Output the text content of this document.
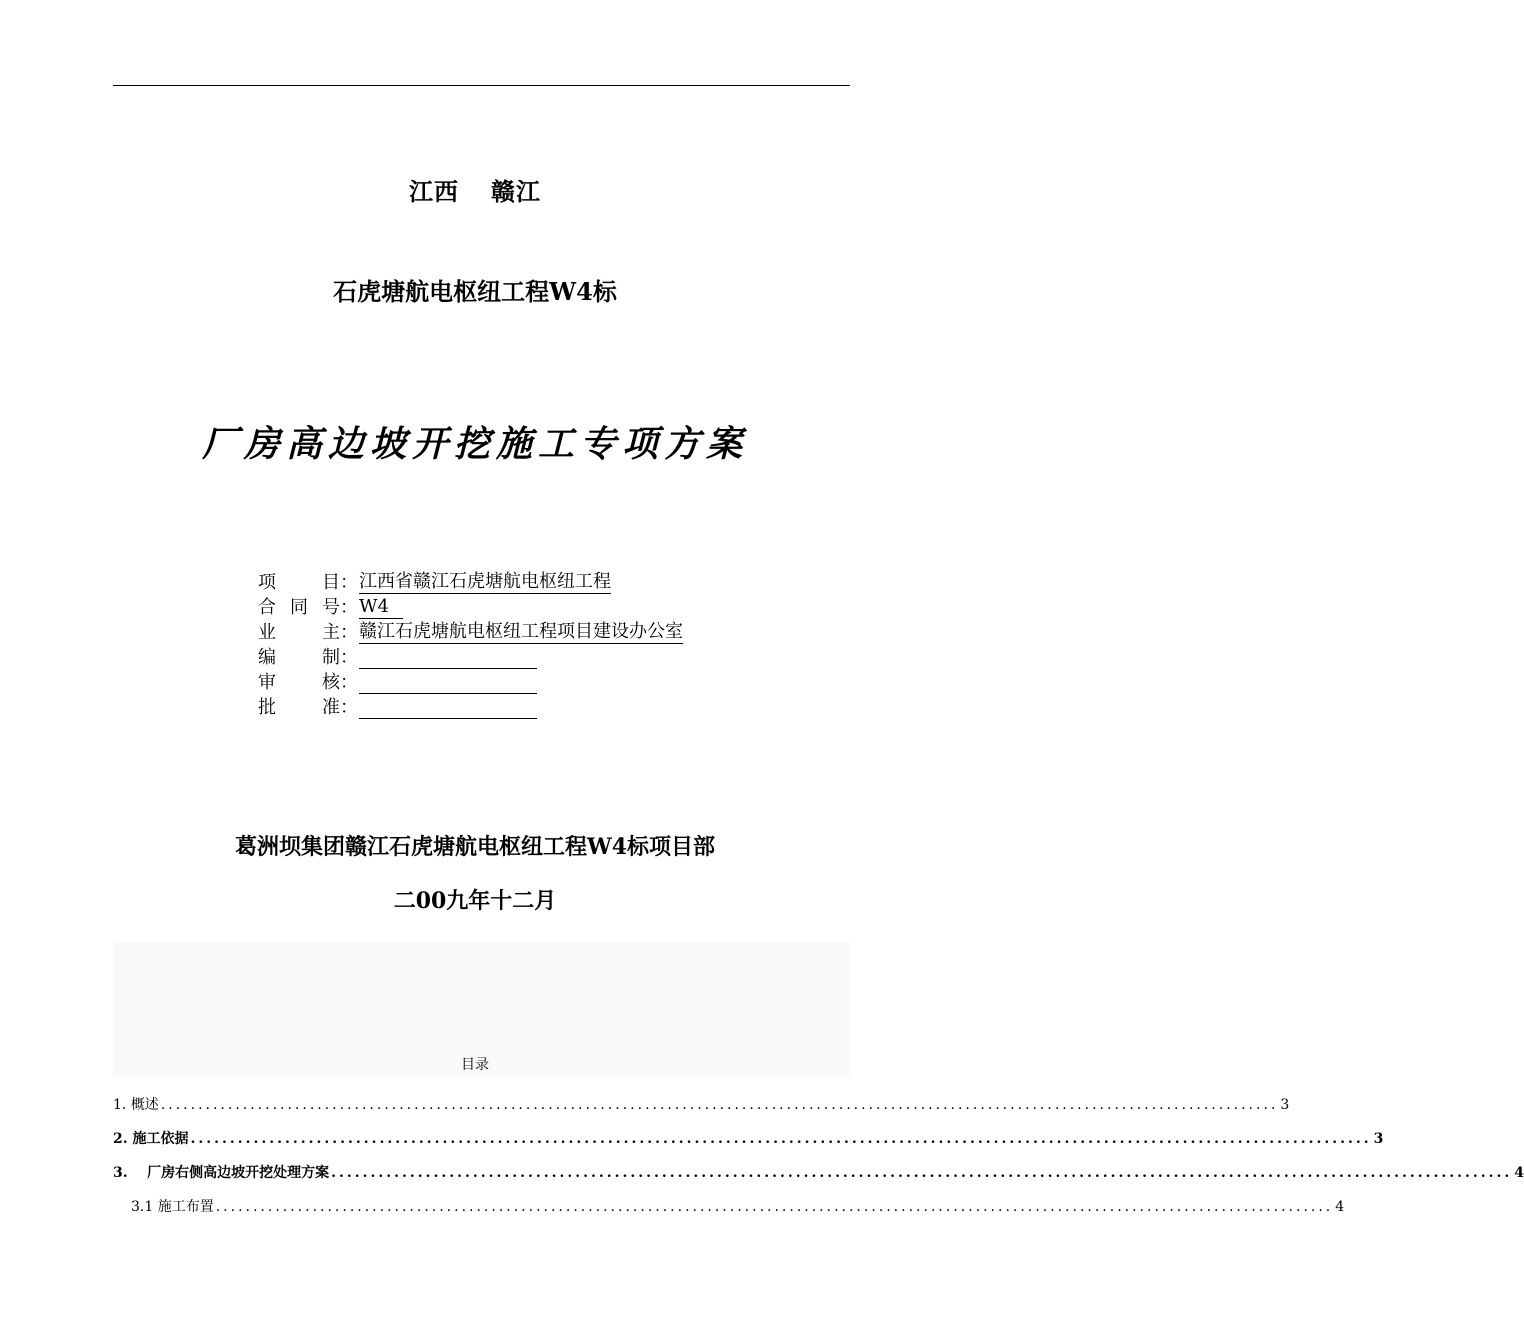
江西 赣江
石虎塘航电枢纽工程W4标
厂房高边坡开挖施工专项方案
项目 ： 江西省赣江石虎塘航电枢纽工程
合同号 ： W4
业主 ： 赣江石虎塘航电枢纽工程项目建设办公室
编制 ：
审核 ：
批准 ：
葛洲坝集团赣江石虎塘航电枢纽工程W4标项目部
二00九年十二月
目录
1.
概述 ...................................................................................................................................................... 3
2.
施工依据 ...................................................................................................................................................... 3
3.
厂房右侧高边坡开挖处理方案 ...................................................................................................................................................... 4
3.1
施工布置 ...................................................................................................................................................... 4
